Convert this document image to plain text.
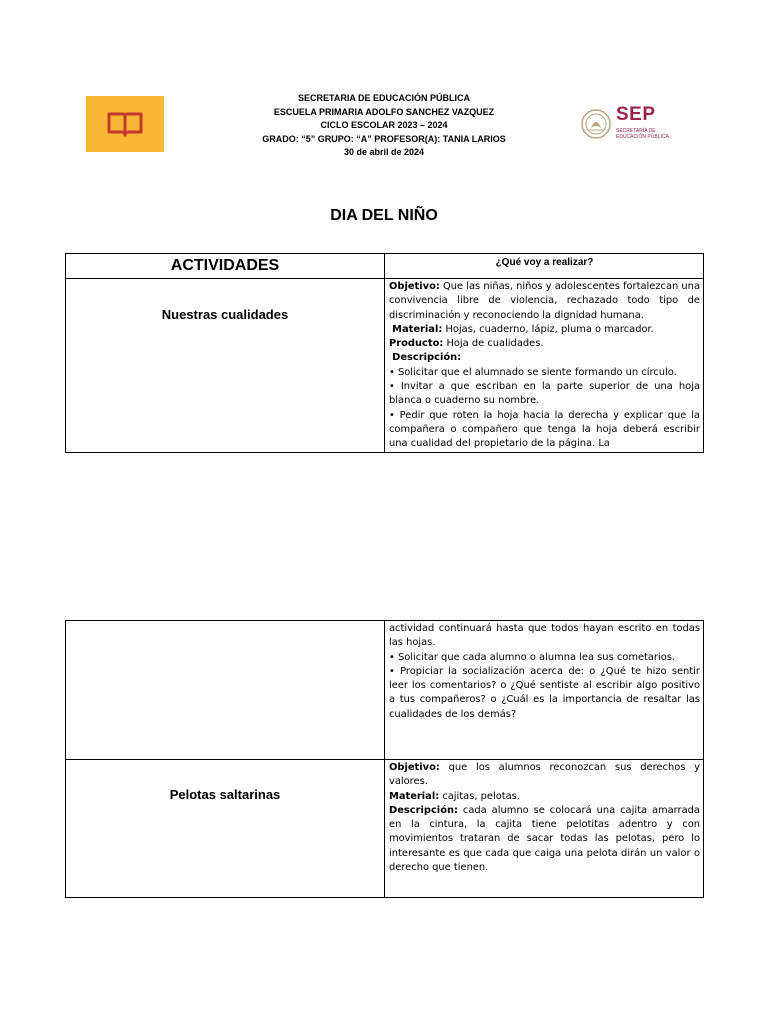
SECRETARIA DE EDUCACIÓN PÚBLICA
ESCUELA PRIMARIA ADOLFO SANCHEZ VAZQUEZ
CICLO ESCOLAR 2023 – 2024
GRADO: “5” GRUPO: “A” PROFESOR(A): TANIA LARIOS
30 de abril de 2024
SEP
SECRETARÍA DE
EDUCACIÓN PÚBLICA
DIA DEL NIÑO
ACTIVIDADES	¿Qué voy a realizar?
Nuestras cualidades

Objetivo: Que las niñas, niños y adolescentes fortalezcan una convivencia libre de violencia, rechazado todo tipo de discriminación y reconociendo la dignidad humana.

Material: Hojas, cuaderno, lápiz, pluma o marcador.

Producto: Hoja de cualidades.

Descripción:

• Solicitar que el alumnado se siente formando un círculo.

• Invitar a que escriban en la parte superior de una hoja blanca o cuaderno su nombre.

• Pedir que roten la hoja hacia la derecha y explicar que la compañera o compañero que tenga la hoja deberá escribir una cualidad del propietario de la página. La

actividad continuará hasta que todos hayan escrito en todas las hojas.

• Solicitar que cada alumno o alumna lea sus cometarios.

• Propiciar la socialización acerca de: o ¿Qué te hizo sentir leer los comentarios? o ¿Qué sentiste al escribir algo positivo a tus compañeros? o ¿Cuál es la importancia de resaltar las cualidades de los demás?

Pelotas saltarinas

Objetivo: que los alumnos reconozcan sus derechos y valores.

Material: cajitas, pelotas.

Descripción: cada alumno se colocará una cajita amarrada en la cintura, la cajita tiene pelotitas adentro y con movimientos trataran de sacar todas las pelotas, pero lo interesante es que cada que caiga una pelota dirán un valor o derecho que tienen.
